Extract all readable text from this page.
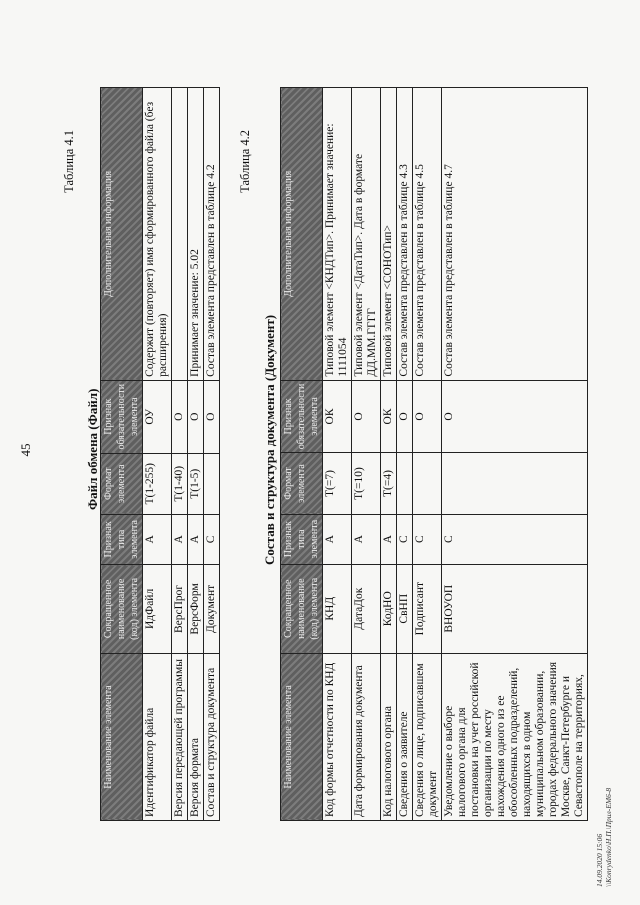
45
Таблица 4.1
Файл обмена (Файл)
Наименование элемента	Сокращенное наименование (код) элемента	Признак типа элемента	Формат элемента	Признак обязательности элемента	Дополнительная информация
Идентификатор файла	ИдФайл	А	Т(1-255)	ОУ	Содержит (повторяет) имя сформированного файла (без расширения)
Версия передающей программы	ВерсПрог	А	Т(1-40)	О	
Версия формата	ВерсФорм	А	Т(1-5)	О	Принимает значение: 5.02
Состав и структура документа	Документ	С		О	Состав элемента представлен в таблице 4.2
Таблица 4.2
Состав и структура документа (Документ)
Наименование элемента	Сокращенное наименование (код) элемента	Признак типа элемента	Формат элемента	Признак обязательности элемента	Дополнительная информация
Код формы отчетности по КНД	КНД	А	Т(=7)	ОК	Типовой элемент <КНДТип>. Принимает значение: 1111054
Дата формирования документа	ДатаДок	А	Т(=10)	О	Типовой элемент <ДатаТип>. Дата в формате ДД.ММ.ГГГГ
Код налогового органа	КодНО	А	Т(=4)	ОК	Типовой элемент <СОНОТип>
Сведения о заявителе	СвНП	С		О	Состав элемента представлен в таблице 4.3
Сведения о лице, подписавшем документ	Подписант	С		О	Состав элемента представлен в таблице 4.5
Уведомление о выборе налогового органа для постановки на учет российской организации по месту нахождения одного из ее обособленных подразделений, находящихся в одном муниципальном образовании, городах федерального значения Москве, Санкт-Петербурге и Севастополе на территориях,	ВНОУОП	С		О	Состав элемента представлен в таблице 4.7
14.09.2020 15:06 \\Konrydenko\Н.П.\Прил-ЕМ6-8
